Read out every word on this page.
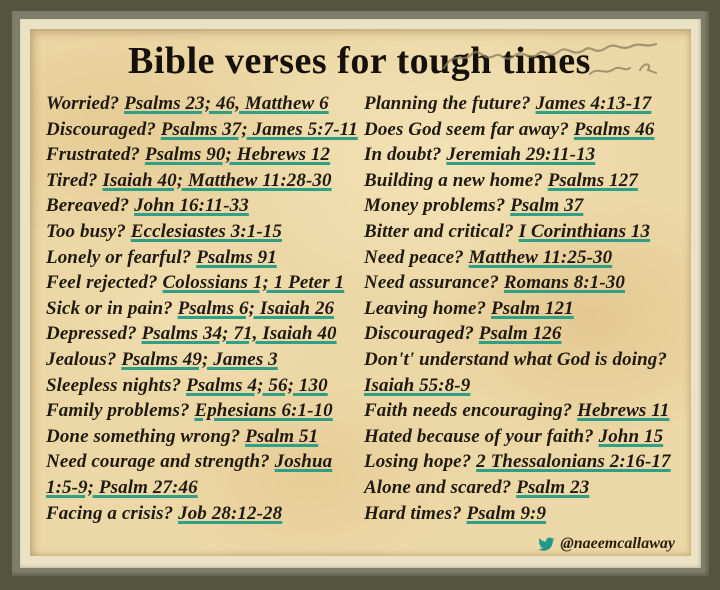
Bible verses for tough times
Worried? Psalms 23; 46, Matthew 6
Discouraged? Psalms 37; James 5:7-11
Frustrated? Psalms 90; Hebrews 12
Tired? Isaiah 40; Matthew 11:28-30
Bereaved? John 16:11-33
Too busy? Ecclesiastes 3:1-15
Lonely or fearful? Psalms 91
Feel rejected? Colossians 1; 1 Peter 1
Sick or in pain? Psalms 6; Isaiah 26
Depressed? Psalms 34; 71, Isaiah 40
Jealous? Psalms 49; James 3
Sleepless nights? Psalms 4; 56; 130
Family problems? Ephesians 6:1-10
Done something wrong? Psalm 51
Need courage and strength? Joshua 1:5-9; Psalm 27:46
Facing a crisis? Job 28:12-28
Planning the future? James 4:13-17
Does God seem far away? Psalms 46
In doubt? Jeremiah 29:11-13
Building a new home? Psalms 127
Money problems? Psalm 37
Bitter and critical? I Corinthians 13
Need peace? Matthew 11:25-30
Need assurance? Romans 8:1-30
Leaving home? Psalm 121
Discouraged? Psalm 126
Don't' understand what God is doing? Isaiah 55:8-9
Faith needs encouraging? Hebrews 11
Hated because of your faith? John 15
Losing hope? 2 Thessalonians 2:16-17
Alone and scared? Psalm 23
Hard times? Psalm 9:9
@naeemcallaway
